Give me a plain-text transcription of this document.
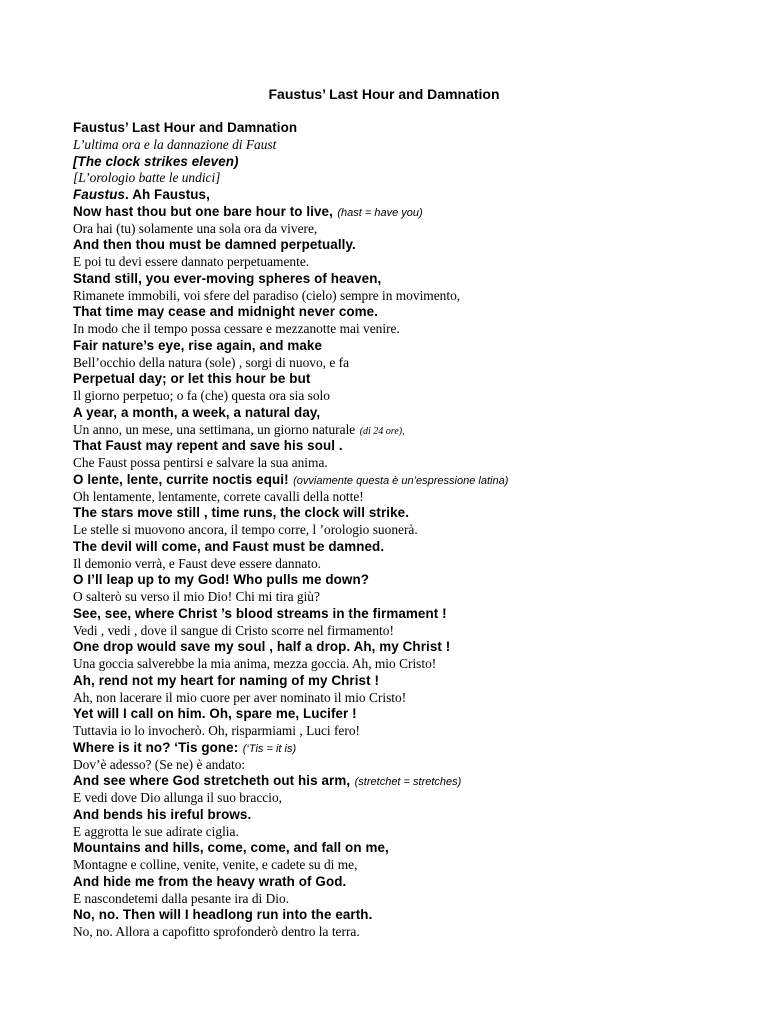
Faustus’ Last Hour and Damnation
Faustus’ Last Hour and Damnation
L’ultima ora e la dannazione di Faust
[The clock strikes eleven)
[L’orologio batte le undici]
Faustus. Ah Faustus,
Now hast thou but one bare hour to live, (hast = have you)
Ora hai (tu) solamente una sola ora da vivere,
And then thou must be damned perpetually.
E poi tu devi essere dannato perpetuamente.
Stand still, you ever-moving spheres of heaven,
Rimanete immobili, voi sfere del paradiso (cielo) sempre in movimento,
That time may cease and midnight never come.
In modo che il tempo possa cessare e mezzanotte mai venire.
Fair nature’s eye, rise again, and make
Bell’occhio della natura (sole) , sorgi di nuovo, e fa
Perpetual day; or let this hour be but
Il giorno perpetuo; o fa (che) questa ora sia solo
A year, a month, a week, a natural day,
Un anno, un mese, una settimana, un giorno naturale (di 24 ore),
That Faust may repent and save his soul .
Che Faust possa pentirsi e salvare la sua anima.
O lente, lente, currite noctis equi! (ovviamente questa è un’espressione latina)
Oh lentamente, lentamente, correte cavalli della notte!
The stars move still , time runs, the clock will strike.
Le stelle si muovono ancora, il tempo corre, l ’orologio suonerà.
The devil will come, and Faust must be damned.
Il demonio verrà, e Faust deve essere dannato.
O I’ll leap up to my God! Who pulls me down?
O salterò su verso il mio Dio! Chi mi tira giù?
See, see, where Christ ’s blood streams in the firmament !
Vedi , vedi , dove il sangue di Cristo scorre nel firmamento!
One drop would save my soul , half a drop. Ah, my Christ !
Una goccia salverebbe la mia anima, mezza goccia. Ah, mio Cristo!
Ah, rend not my heart for naming of my Christ !
Ah, non lacerare il mio cuore per aver nominato il mio Cristo!
Yet will I call on him. Oh, spare me, Lucifer !
Tuttavia io lo invocherò. Oh, risparmiami , Luci fero!
Where is it no? ‘Tis gone: (‘Tis = it is)
Dov’è adesso? (Se ne) è andato:
And see where God stretcheth out his arm, (stretchet = stretches)
E vedi dove Dio allunga il suo braccio,
And bends his ireful brows.
E aggrotta le sue adirate ciglia.
Mountains and hills, come, come, and fall on me,
Montagne e colline, venite, venite, e cadete su di me,
And hide me from the heavy wrath of God.
E nascondetemi dalla pesante ira di Dio.
No, no. Then will I headlong run into the earth.
No, no. Allora a capofitto sprofonderò dentro la terra.
